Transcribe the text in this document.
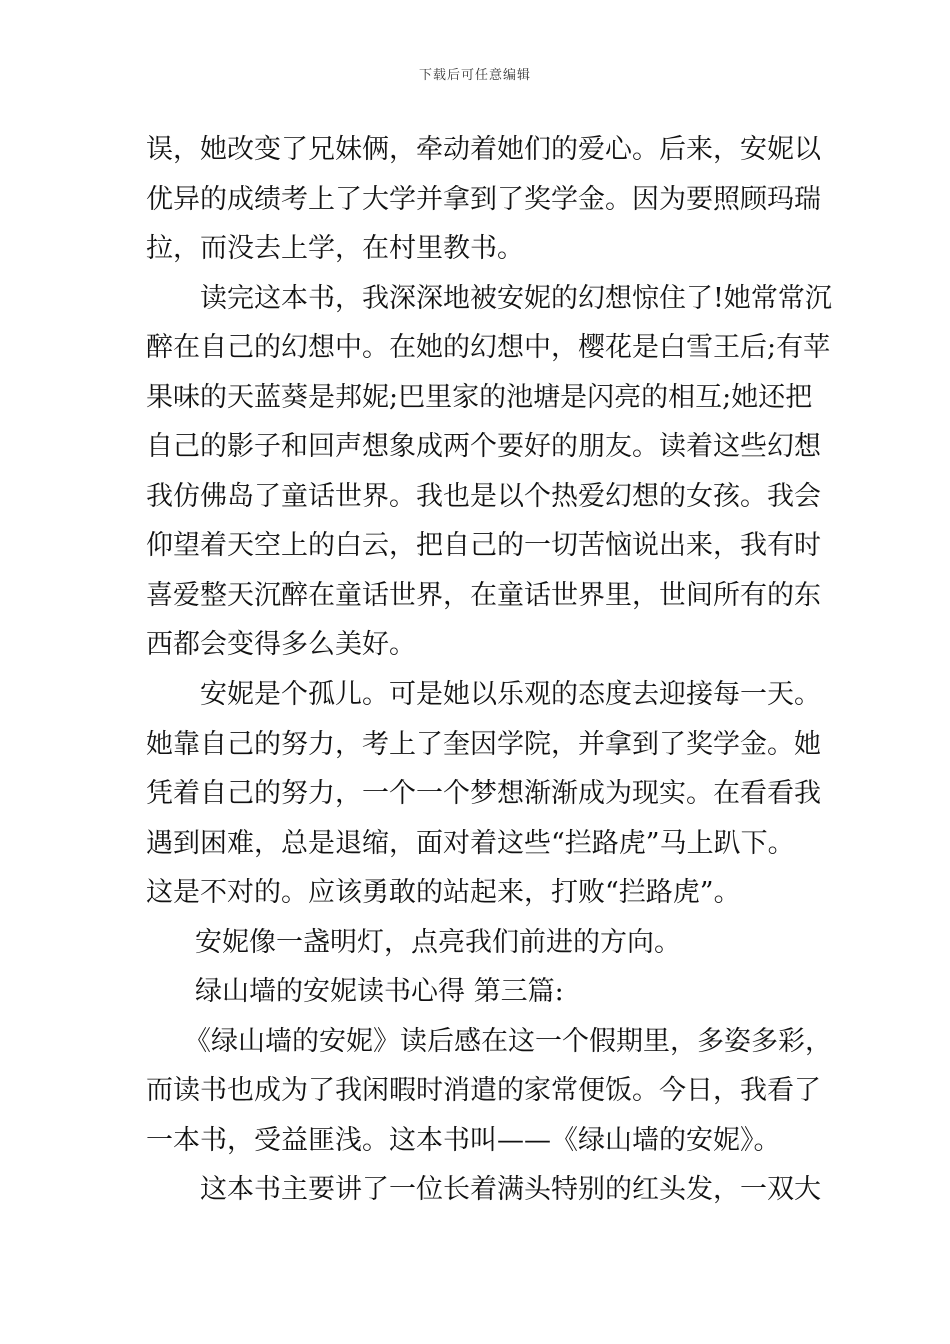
下载后可任意编辑
误，她改变了兄妹俩，牵动着她们的爱心。后来，安妮以
优异的成绩考上了大学并拿到了奖学金。因为要照顾玛瑞
拉，而没去上学，在村里教书。
读完这本书，我深深地被安妮的幻想惊住了!她常常沉
醉在自己的幻想中。在她的幻想中，樱花是白雪王后;有苹
果味的天蓝葵是邦妮;巴里家的池塘是闪亮的相互;她还把
自己的影子和回声想象成两个要好的朋友。读着这些幻想
我仿佛岛了童话世界。我也是以个热爱幻想的女孩。我会
仰望着天空上的白云，把自己的一切苦恼说出来，我有时
喜爱整天沉醉在童话世界，在童话世界里，世间所有的东
西都会变得多么美好。
安妮是个孤儿。可是她以乐观的态度去迎接每一天。
她靠自己的努力，考上了奎因学院，并拿到了奖学金。她
凭着自己的努力，一个一个梦想渐渐成为现实。在看看我
遇到困难，总是退缩，面对着这些“拦路虎”马上趴下。
这是不对的。应该勇敢的站起来，打败“拦路虎”。
安妮像一盏明灯，点亮我们前进的方向。
绿山墙的安妮读书心得 第三篇:
《绿山墙的安妮》读后感在这一个假期里，多姿多彩，
而读书也成为了我闲暇时消遣的家常便饭。今日，我看了
一本书，受益匪浅。这本书叫——《绿山墙的安妮》。
这本书主要讲了一位长着满头特别的红头发，一双大
